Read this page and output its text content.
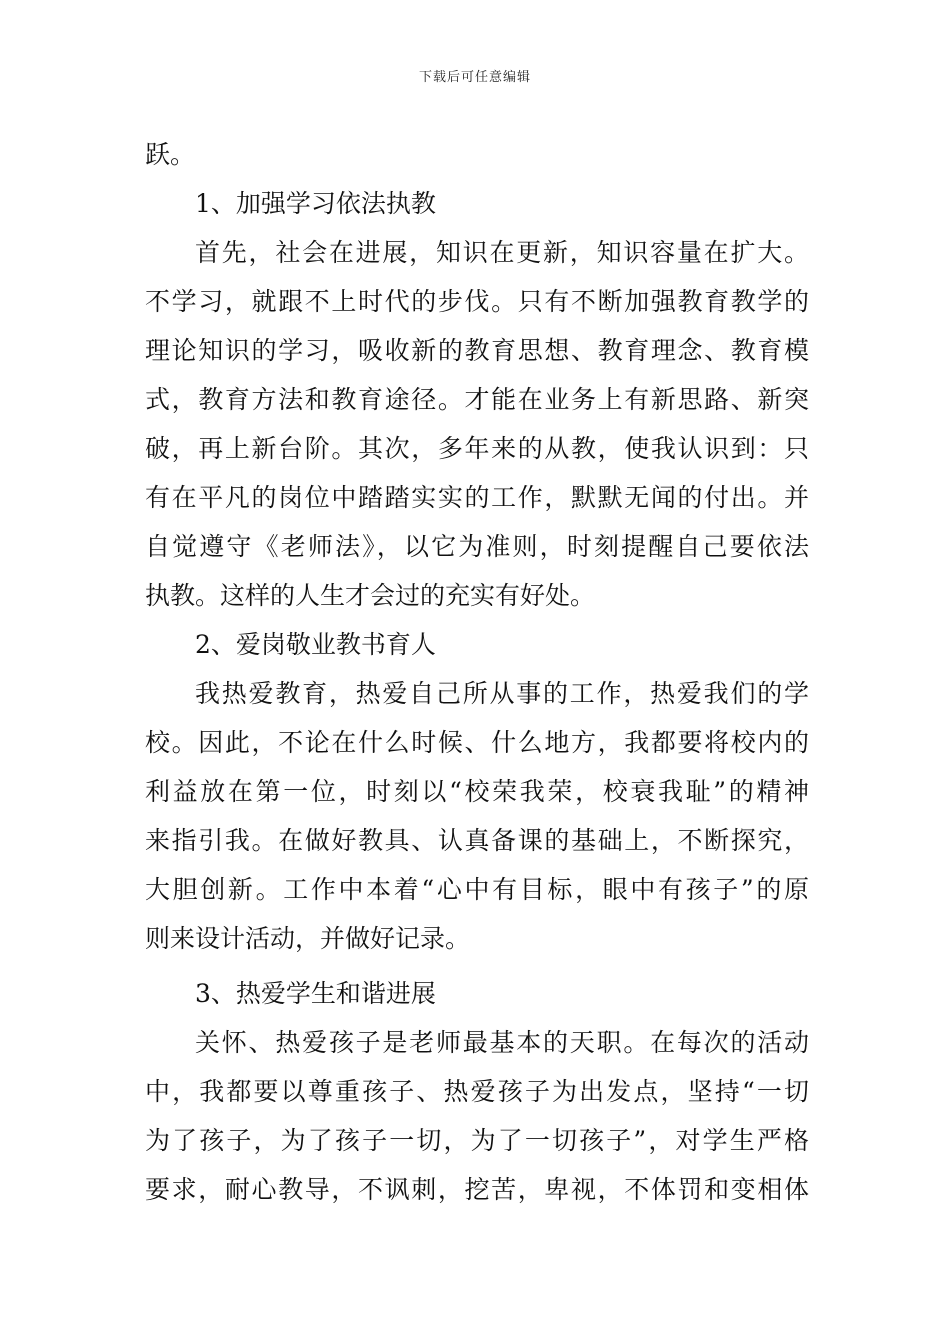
下载后可任意编辑
跃。
1、加强学习依法执教
首先，社会在进展，知识在更新，知识容量在扩大。
不学习，就跟不上时代的步伐。只有不断加强教育教学的
理论知识的学习，吸收新的教育思想、教育理念、教育模
式，教育方法和教育途径。才能在业务上有新思路、新突
破，再上新台阶。其次，多年来的从教，使我认识到：只
有在平凡的岗位中踏踏实实的工作，默默无闻的付出。并
自觉遵守《老师法》，以它为准则，时刻提醒自己要依法
执教。这样的人生才会过的充实有好处。
2、爱岗敬业教书育人
我热爱教育，热爱自己所从事的工作，热爱我们的学
校。因此，不论在什么时候、什么地方，我都要将校内的
利益放在第一位，时刻以“校荣我荣，校衰我耻”的精神
来指引我。在做好教具、认真备课的基础上，不断探究，
大胆创新。工作中本着“心中有目标，眼中有孩子”的原
则来设计活动，并做好记录。
3、热爱学生和谐进展
关怀、热爱孩子是老师最基本的天职。在每次的活动
中，我都要以尊重孩子、热爱孩子为出发点，坚持“一切
为了孩子，为了孩子一切，为了一切孩子”，对学生严格
要求，耐心教导，不讽刺，挖苦，卑视，不体罚和变相体
